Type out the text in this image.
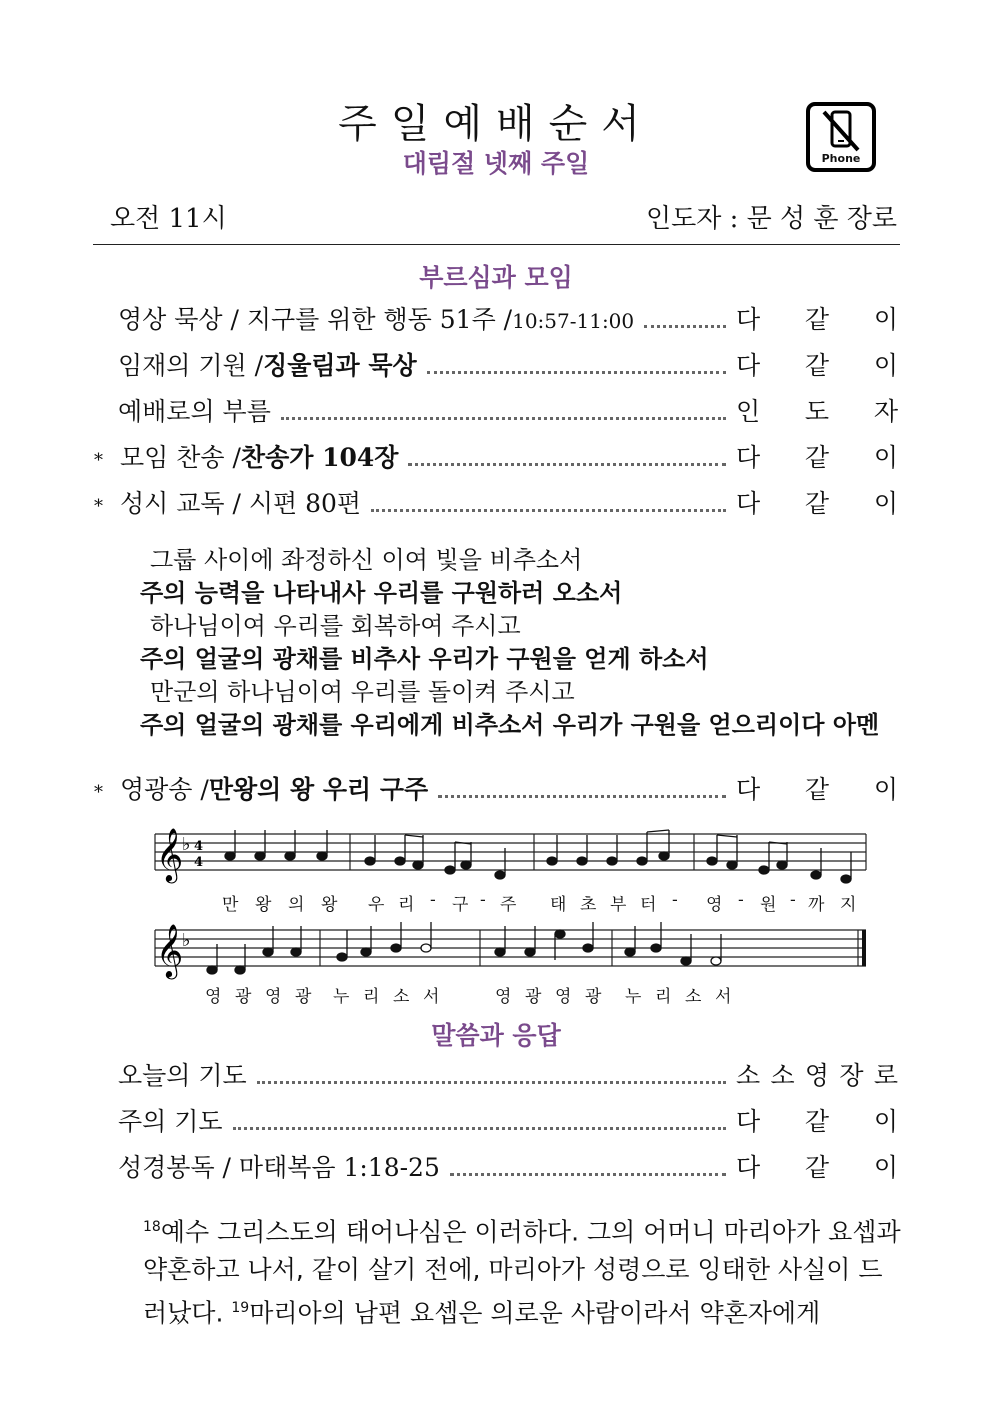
주일예배순서
대림절 넷째 주일	Phone
오전 11시	인도자 : 문 성 훈 장로
부르심과 모임
영상 묵상 / 지구를 위한 행동 51주 / 10:57-11:00	다 같 이
임재의 기원 / 징울림과 묵상	다 같 이
예배로의 부름	인 도 자
* 모임 찬송 / 찬송가 104장	다 같 이
* 성시 교독 / 시편 80편	다 같 이
그룹 사이에 좌정하신 이여 빛을 비추소서
주의 능력을 나타내사 우리를 구원하러 오소서
하나님이여 우리를 회복하여 주시고
주의 얼굴의 광채를 비추사 우리가 구원을 얻게 하소서
만군의 하나님이여 우리를 돌이켜 주시고
주의 얼굴의 광채를 우리에게 비추소서 우리가 구원을 얻으리이다 아멘
* 영광송 / 만왕의 왕 우리 구주	다 같 이
𝄞
♭ 4
4
𝄞
♭
만 왕 의 왕 우 리 - 구 - 주 태 초 부 터 - 영 - 원 - 까 지
영 광 영 광 누 리 소 서	영 광 영 광 누 리 소 서
말씀과 응답
오늘의 기도	소 소 영 장 로
주의 기도	다 같 이
성경봉독 / 마태복음 1:18-25	다 같 이
$^{18}$예수 그리스도의 태어나심은 이러하다. 그의 어머니 마리아가 요셉과 약혼하고 나서, 같이 살기 전에, 마리아가 성령으로 잉태한 사실이 드러났다. $^{19}$마리아의 남편 요셉은 의로운 사람이라서 약혼자에게
